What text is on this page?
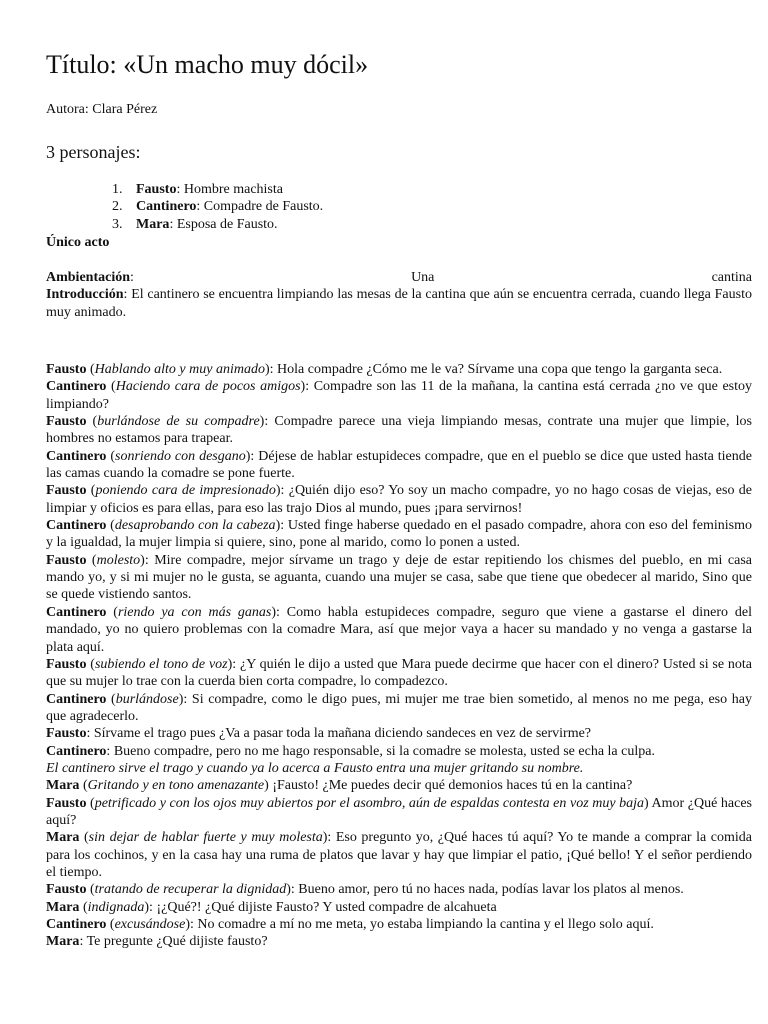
Título: «Un macho muy dócil»
Autora: Clara Pérez
3 personajes:
1. Fausto: Hombre machista
2. Cantinero: Compadre de Fausto.
3. Mara: Esposa de Fausto.
Único acto
Ambientación:	Una	cantina
Introducción: El cantinero se encuentra limpiando las mesas de la cantina que aún se encuentra cerrada, cuando llega Fausto muy animado.

Fausto (Hablando alto y muy animado): Hola compadre ¿Cómo me le va? Sírvame una copa que tengo la garganta seca.

Cantinero (Haciendo cara de pocos amigos): Compadre son las 11 de la mañana, la cantina está cerrada ¿no ve que estoy limpiando?

Fausto (burlándose de su compadre): Compadre parece una vieja limpiando mesas, contrate una mujer que limpie, los hombres no estamos para trapear.

Cantinero (sonriendo con desgano): Déjese de hablar estupideces compadre, que en el pueblo se dice que usted hasta tiende las camas cuando la comadre se pone fuerte.

Fausto (poniendo cara de impresionado): ¿Quién dijo eso? Yo soy un macho compadre, yo no hago cosas de viejas, eso de limpiar y oficios es para ellas, para eso las trajo Dios al mundo, pues ¡para servirnos!

Cantinero (desaprobando con la cabeza): Usted finge haberse quedado en el pasado compadre, ahora con eso del feminismo y la igualdad, la mujer limpia si quiere, sino, pone al marido, como lo ponen a usted.

Fausto (molesto): Mire compadre, mejor sírvame un trago y deje de estar repitiendo los chismes del pueblo, en mi casa mando yo, y si mi mujer no le gusta, se aguanta, cuando una mujer se casa, sabe que tiene que obedecer al marido, Sino que se quede vistiendo santos.

Cantinero (riendo ya con más ganas): Como habla estupideces compadre, seguro que viene a gastarse el dinero del mandado, yo no quiero problemas con la comadre Mara, así que mejor vaya a hacer su mandado y no venga a gastarse la plata aquí.

Fausto (subiendo el tono de voz): ¿Y quién le dijo a usted que Mara puede decirme que hacer con el dinero? Usted si se nota que su mujer lo trae con la cuerda bien corta compadre, lo compadezco.

Cantinero (burlándose): Si compadre, como le digo pues, mi mujer me trae bien sometido, al menos no me pega, eso hay que agradecerlo.

Fausto: Sírvame el trago pues ¿Va a pasar toda la mañana diciendo sandeces en vez de servirme?

Cantinero: Bueno compadre, pero no me hago responsable, si la comadre se molesta, usted se echa la culpa.

El cantinero sirve el trago y cuando ya lo acerca a Fausto entra una mujer gritando su nombre.

Mara (Gritando y en tono amenazante) ¡Fausto! ¿Me puedes decir qué demonios haces tú en la cantina?

Fausto (petrificado y con los ojos muy abiertos por el asombro, aún de espaldas contesta en voz muy baja) Amor ¿Qué haces aquí?

Mara (sin dejar de hablar fuerte y muy molesta): Eso pregunto yo, ¿Qué haces tú aquí? Yo te mande a comprar la comida para los cochinos, y en la casa hay una ruma de platos que lavar y hay que limpiar el patio, ¡Qué bello! Y el señor perdiendo el tiempo.

Fausto (tratando de recuperar la dignidad): Bueno amor, pero tú no haces nada, podías lavar los platos al menos.

Mara (indignada): ¡¿Qué?! ¿Qué dijiste Fausto? Y usted compadre de alcahueta

Cantinero (excusándose): No comadre a mí no me meta, yo estaba limpiando la cantina y el llego solo aquí.

Mara: Te pregunte ¿Qué dijiste fausto?
